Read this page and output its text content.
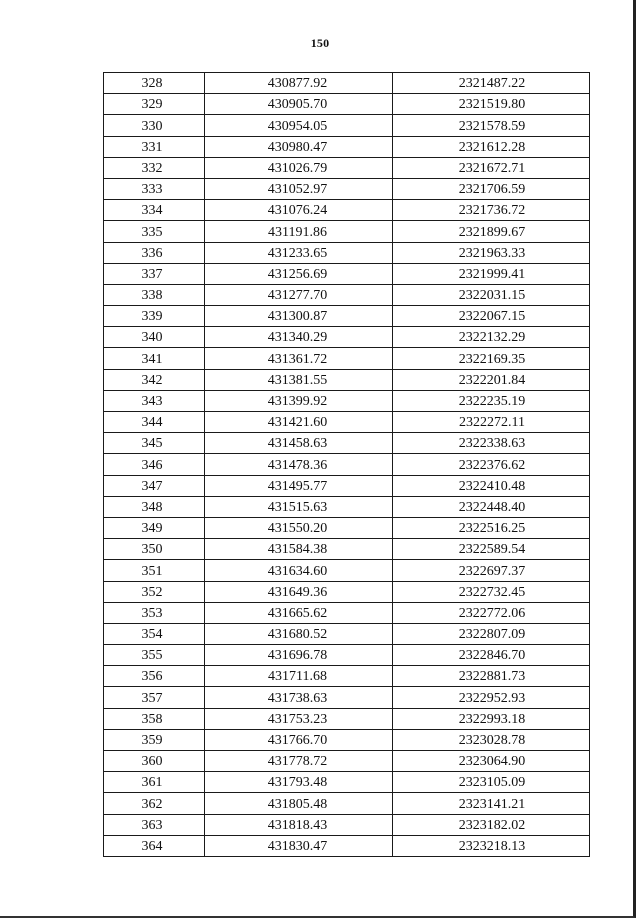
150
328	430877.92	2321487.22
329	430905.70	2321519.80
330	430954.05	2321578.59
331	430980.47	2321612.28
332	431026.79	2321672.71
333	431052.97	2321706.59
334	431076.24	2321736.72
335	431191.86	2321899.67
336	431233.65	2321963.33
337	431256.69	2321999.41
338	431277.70	2322031.15
339	431300.87	2322067.15
340	431340.29	2322132.29
341	431361.72	2322169.35
342	431381.55	2322201.84
343	431399.92	2322235.19
344	431421.60	2322272.11
345	431458.63	2322338.63
346	431478.36	2322376.62
347	431495.77	2322410.48
348	431515.63	2322448.40
349	431550.20	2322516.25
350	431584.38	2322589.54
351	431634.60	2322697.37
352	431649.36	2322732.45
353	431665.62	2322772.06
354	431680.52	2322807.09
355	431696.78	2322846.70
356	431711.68	2322881.73
357	431738.63	2322952.93
358	431753.23	2322993.18
359	431766.70	2323028.78
360	431778.72	2323064.90
361	431793.48	2323105.09
362	431805.48	2323141.21
363	431818.43	2323182.02
364	431830.47	2323218.13
